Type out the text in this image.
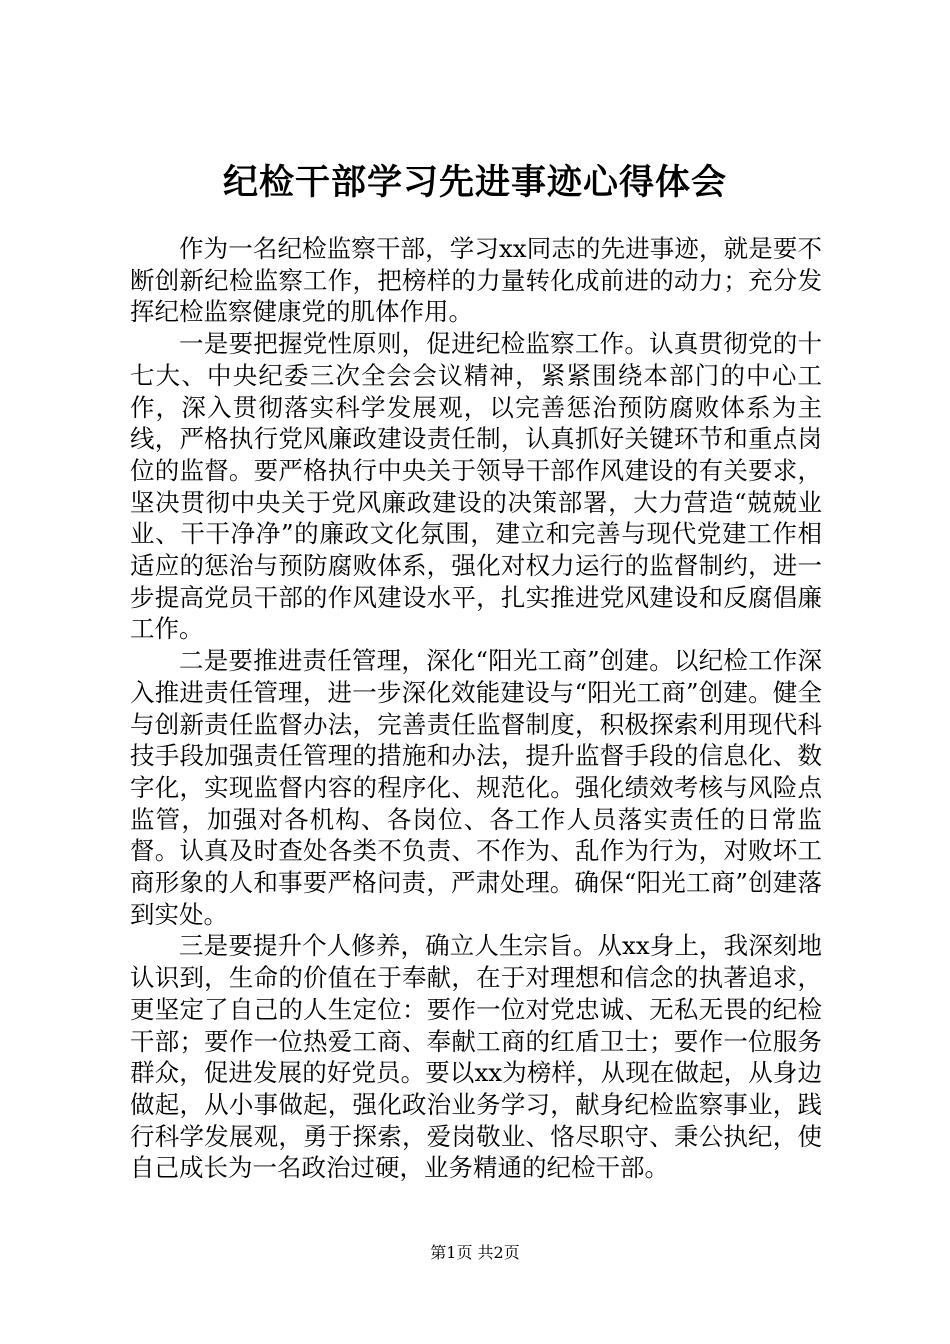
纪检干部学习先进事迹心得体会

作为一名纪检监察干部，学习xx同志的先进事迹，就是要不断创新纪检监察工作，把榜样的力量转化成前进的动力；充分发挥纪检监察健康党的肌体作用。

一是要把握党性原则，促进纪检监察工作。认真贯彻党的十七大、中央纪委三次全会会议精神，紧紧围绕本部门的中心工作，深入贯彻落实科学发展观，以完善惩治预防腐败体系为主线，严格执行党风廉政建设责任制，认真抓好关键环节和重点岗位的监督。要严格执行中央关于领导干部作风建设的有关要求，坚决贯彻中央关于党风廉政建设的决策部署，大力营造“兢兢业业、干干净净”的廉政文化氛围，建立和完善与现代党建工作相适应的惩治与预防腐败体系，强化对权力运行的监督制约，进一步提高党员干部的作风建设水平，扎实推进党风建设和反腐倡廉工作。

二是要推进责任管理，深化“阳光工商”创建。以纪检工作深入推进责任管理，进一步深化效能建设与“阳光工商”创建。健全与创新责任监督办法，完善责任监督制度，积极探索利用现代科技手段加强责任管理的措施和办法，提升监督手段的信息化、数字化，实现监督内容的程序化、规范化。强化绩效考核与风险点监管，加强对各机构、各岗位、各工作人员落实责任的日常监督。认真及时查处各类不负责、不作为、乱作为行为，对败坏工商形象的人和事要严格问责，严肃处理。确保“阳光工商”创建落到实处。

三是要提升个人修养，确立人生宗旨。从xx身上，我深刻地认识到，生命的价值在于奉献，在于对理想和信念的执著追求，更坚定了自己的人生定位：要作一位对党忠诚、无私无畏的纪检干部；要作一位热爱工商、奉献工商的红盾卫士；要作一位服务群众，促进发展的好党员。要以xx为榜样，从现在做起，从身边做起，从小事做起，强化政治业务学习，献身纪检监察事业，践行科学发展观，勇于探索，爱岗敬业、恪尽职守、秉公执纪，使自己成长为一名政治过硬，业务精通的纪检干部。

第1页 共2页
